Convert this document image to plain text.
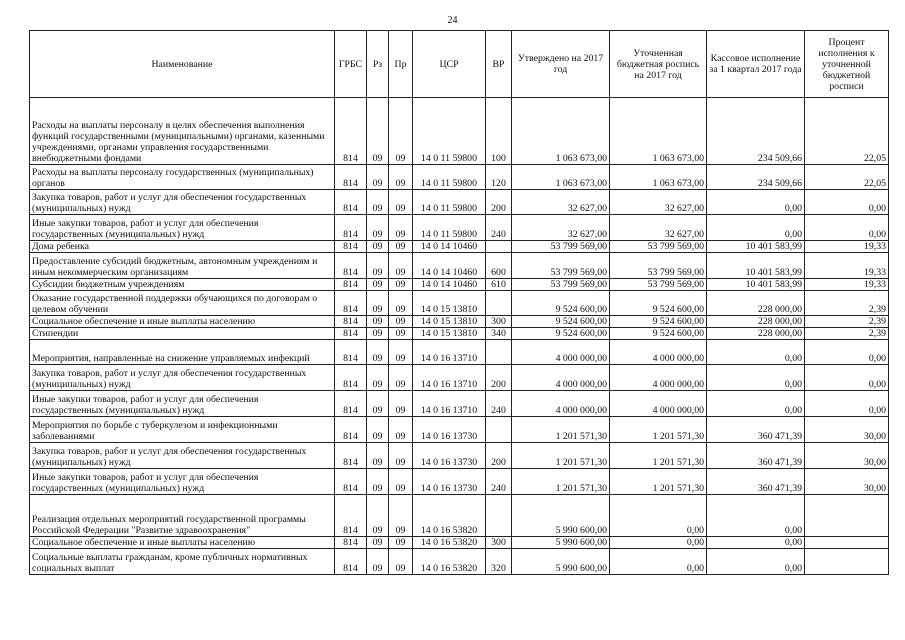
24
Наименование	ГРБС	Рз	Пр	ЦСР	ВР	Утверждено на 2017 год	Уточненная бюджетная роспись на 2017 год	Кассовое исполнение за 1 квартал 2017 года	Процент исполнения к уточненной бюджетной росписи
Расходы на выплаты персоналу в целях обеспечения выполнения функций государственными (муниципальными) органами, казенными учреждениями, органами управления государственными внебюджетными фондами	814	09	09	14 0 11 59800	100	1 063 673,00	1 063 673,00	234 509,66	22,05
Расходы на выплаты персоналу государственных (муниципальных) органов	814	09	09	14 0 11 59800	120	1 063 673,00	1 063 673,00	234 509,66	22,05
Закупка товаров, работ и услуг для обеспечения государственных (муниципальных) нужд	814	09	09	14 0 11 59800	200	32 627,00	32 627,00	0,00	0,00
Иные закупки товаров, работ и услуг для обеспечения государственных (муниципальных) нужд	814	09	09	14 0 11 59800	240	32 627,00	32 627,00	0,00	0,00
Дома ребенка	814	09	09	14 0 14 10460		53 799 569,00	53 799 569,00	10 401 583,99	19,33
Предоставление субсидий бюджетным, автономным учреждениям и иным некоммерческим организациям	814	09	09	14 0 14 10460	600	53 799 569,00	53 799 569,00	10 401 583,99	19,33
Субсидии бюджетным учреждениям	814	09	09	14 0 14 10460	610	53 799 569,00	53 799 569,00	10 401 583,99	19,33
Оказание государственной поддержки обучающихся по договорам о целевом обучении	814	09	09	14 0 15 13810		9 524 600,00	9 524 600,00	228 000,00	2,39
Социальное обеспечение и иные выплаты населению	814	09	09	14 0 15 13810	300	9 524 600,00	9 524 600,00	228 000,00	2,39
Стипендии	814	09	09	14 0 15 13810	340	9 524 600,00	9 524 600,00	228 000,00	2,39
Мероприятия, направленные на снижение управляемых инфекций	814	09	09	14 0 16 13710		4 000 000,00	4 000 000,00	0,00	0,00
Закупка товаров, работ и услуг для обеспечения государственных (муниципальных) нужд	814	09	09	14 0 16 13710	200	4 000 000,00	4 000 000,00	0,00	0,00
Иные закупки товаров, работ и услуг для обеспечения государственных (муниципальных) нужд	814	09	09	14 0 16 13710	240	4 000 000,00	4 000 000,00	0,00	0,00
Мероприятия по борьбе с туберкулезом и инфекционными заболеваниями	814	09	09	14 0 16 13730		1 201 571,30	1 201 571,30	360 471,39	30,00
Закупка товаров, работ и услуг для обеспечения государственных (муниципальных) нужд	814	09	09	14 0 16 13730	200	1 201 571,30	1 201 571,30	360 471,39	30,00
Иные закупки товаров, работ и услуг для обеспечения государственных (муниципальных) нужд	814	09	09	14 0 16 13730	240	1 201 571,30	1 201 571,30	360 471,39	30,00
Реализация отдельных мероприятий государственной программы Российской Федерации "Развитие здравоохранения"	814	09	09	14 0 16 53820		5 990 600,00	0,00	0,00	
Социальное обеспечение и иные выплаты населению	814	09	09	14 0 16 53820	300	5 990 600,00	0,00	0,00	
Социальные выплаты гражданам, кроме публичных нормативных социальных выплат	814	09	09	14 0 16 53820	320	5 990 600,00	0,00	0,00	
